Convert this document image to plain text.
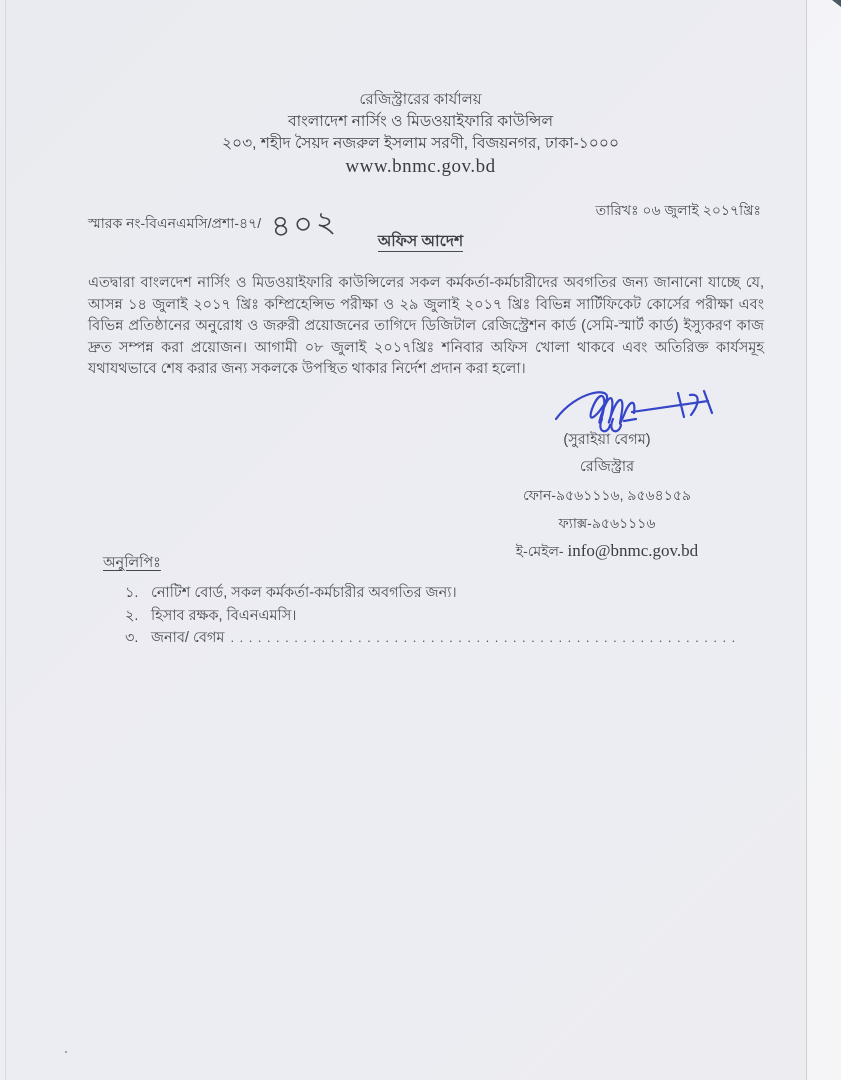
রেজিস্ট্রারের কার্যালয়
বাংলাদেশ নার্সিং ও মিডওয়াইফারি কাউন্সিল
২০৩, শহীদ সৈয়দ নজরুল ইসলাম সরণী, বিজয়নগর, ঢাকা-১০০০
www.bnmc.gov.bd
স্মারক নং-বিএনএমসি/প্রশা-৪৭/ ৪০২	তারিখঃ ০৬ জুলাই ২০১৭খ্রিঃ
অফিস আদেশ
এতদ্বারা বাংলদেশ নার্সিং ও মিডওয়াইফারি কাউন্সিলের সকল কর্মকর্তা-কর্মচারীদের অবগতির জন্য জানানো যাচ্ছে যে, আসন্ন ১৪ জুলাই ২০১৭ খ্রিঃ কম্প্রিহেন্সিভ পরীক্ষা ও ২৯ জুলাই ২০১৭ খ্রিঃ বিভিন্ন সার্টিফিকেট কোর্সের পরীক্ষা এবং বিভিন্ন প্রতিষ্ঠানের অনুরোধ ও জরুরী প্রয়োজনের তাগিদে ডিজিটাল রেজিস্ট্রেশন কার্ড (সেমি-স্মার্ট কার্ড) ইস্যুকরণ কাজ দ্রুত সম্পন্ন করা প্রয়োজন। আগামী ০৮ জুলাই ২০১৭খ্রিঃ শনিবার অফিস খোলা থাকবে এবং অতিরিক্ত কার্যসমূহ যথাযথভাবে শেষ করার জন্য সকলকে উপস্থিত থাকার নির্দেশ প্রদান করা হলো।
(সুরাইয়া বেগম)
রেজিস্ট্রার
ফোন-৯৫৬১১১৬, ৯৫৬৪১৫৯
ফ্যাক্স-৯৫৬১১১৬
ই-মেইল- info@bnmc.gov.bd
অনুলিপিঃ
১. নোটিশ বোর্ড, সকল কর্মকর্তা-কর্মচারীর অবগতির জন্য।
২. হিসাব রক্ষক, বিএনএমসি।
৩. জনাব/ বেগম ........................................................
